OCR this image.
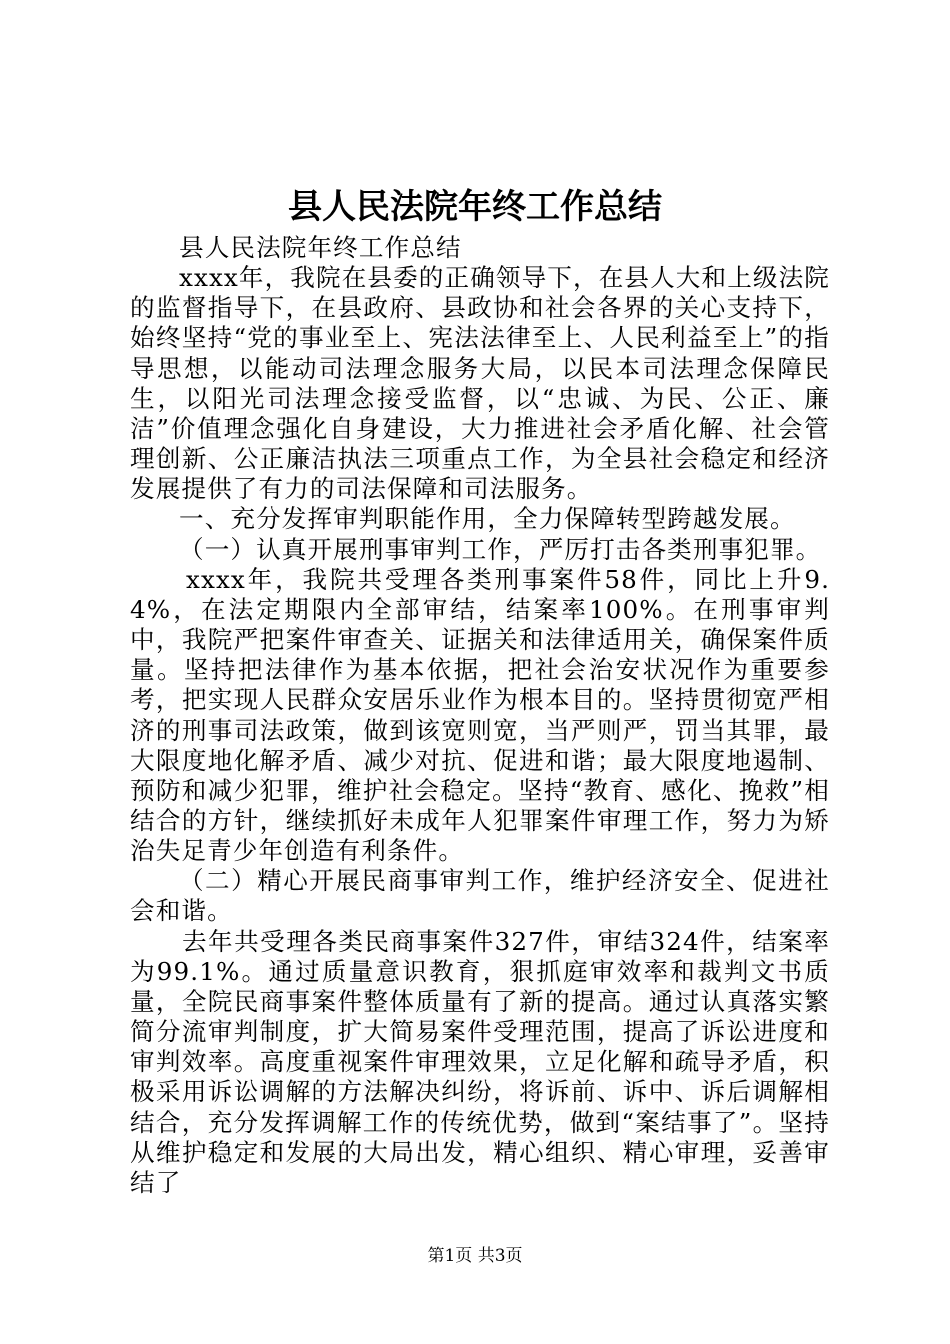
县人民法院年终工作总结

县人民法院年终工作总结

xxxx年，我院在县委的正确领导下，在县人大和上级法院的监督指导下，在县政府、县政协和社会各界的关心支持下，始终坚持“党的事业至上、宪法法律至上、人民利益至上”的指导思想，以能动司法理念服务大局，以民本司法理念保障民生，以阳光司法理念接受监督，以“忠诚、为民、公正、廉洁”价值理念强化自身建设，大力推进社会矛盾化解、社会管理创新、公正廉洁执法三项重点工作，为全县社会稳定和经济发展提供了有力的司法保障和司法服务。

一、充分发挥审判职能作用，全力保障转型跨越发展。

（一）认真开展刑事审判工作，严厉打击各类刑事犯罪。

xxxx年，我院共受理各类刑事案件58件，同比上升9.4%，在法定期限内全部审结，结案率100%。在刑事审判中，我院严把案件审查关、证据关和法律适用关，确保案件质量。坚持把法律作为基本依据，把社会治安状况作为重要参考，把实现人民群众安居乐业作为根本目的。坚持贯彻宽严相济的刑事司法政策，做到该宽则宽，当严则严，罚当其罪，最大限度地化解矛盾、减少对抗、促进和谐；最大限度地遏制、预防和减少犯罪，维护社会稳定。坚持“教育、感化、挽救”相结合的方针，继续抓好未成年人犯罪案件审理工作，努力为矫治失足青少年创造有利条件。

（二）精心开展民商事审判工作，维护经济安全、促进社会和谐。

去年共受理各类民商事案件327件，审结324件，结案率为99.1%。通过质量意识教育，狠抓庭审效率和裁判文书质量，全院民商事案件整体质量有了新的提高。通过认真落实繁简分流审判制度，扩大简易案件受理范围，提高了诉讼进度和审判效率。高度重视案件审理效果，立足化解和疏导矛盾，积极采用诉讼调解的方法解决纠纷，将诉前、诉中、诉后调解相结合，充分发挥调解工作的传统优势，做到“案结事了”。坚持从维护稳定和发展的大局出发，精心组织、精心审理，妥善审结了

第1页 共3页
